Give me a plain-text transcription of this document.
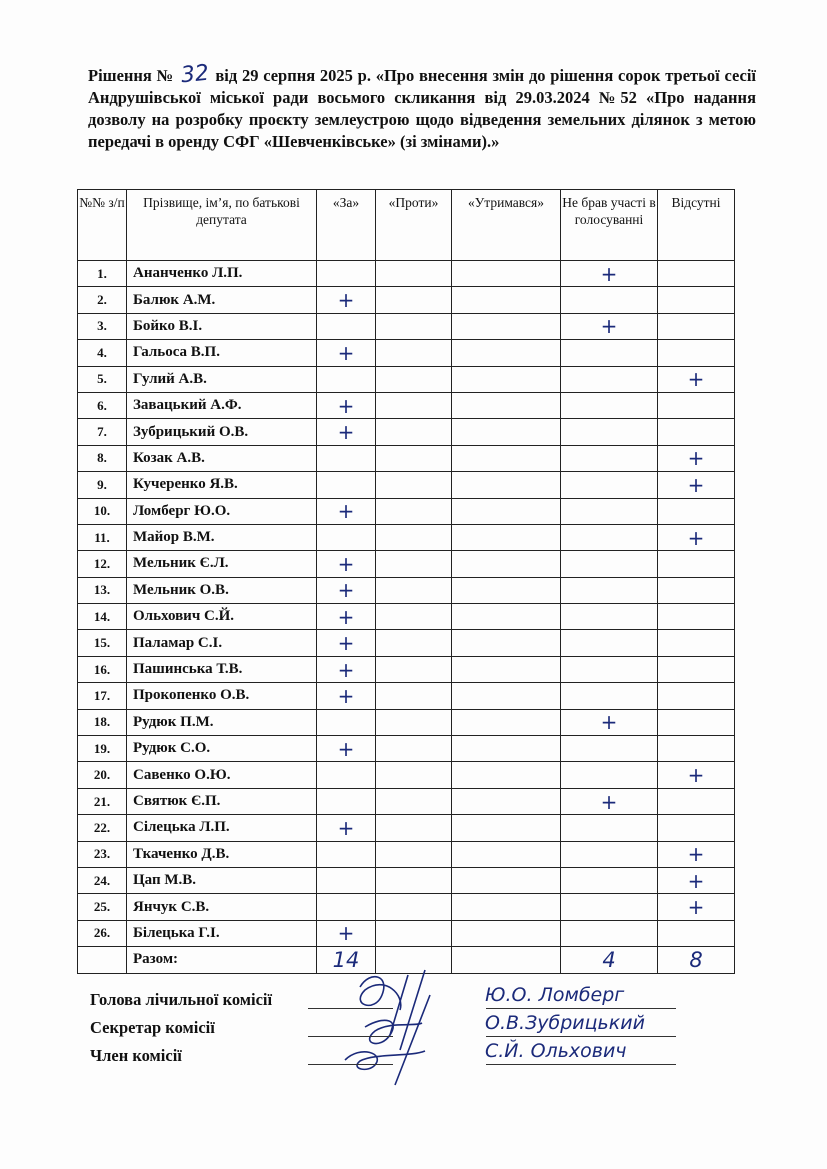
Рішення № 32 від 29 серпня 2025 р. «Про внесення змін до рішення сорок третьої сесії Андрушівської міської ради восьмого скликання від 29.03.2024 №52 «Про надання дозволу на розробку проєкту землеустрою щодо відведення земельних ділянок з метою передачі в оренду СФГ «Шевченківське» (зі змінами).»
№№ з/п	Прізвище, ім’я, по батькові депутата	«За»	«Проти»	«Утримався»	Не брав участі в голосуванні	Відсутні
1.	Ананченко Л.П.				+	
2.	Балюк А.М.	+				
3.	Бойко В.І.				+	
4.	Гальоса В.П.	+				
5.	Гулий А.В.					+
6.	Завацький А.Ф.	+				
7.	Зубрицький О.В.	+				
8.	Козак А.В.					+
9.	Кучеренко Я.В.					+
10.	Ломберг Ю.О.	+				
11.	Майор В.М.					+
12.	Мельник Є.Л.	+				
13.	Мельник О.В.	+				
14.	Ольхович С.Й.	+				
15.	Паламар С.І.	+				
16.	Пашинська Т.В.	+				
17.	Прокопенко О.В.	+				
18.	Рудюк П.М.				+	
19.	Рудюк С.О.	+				
20.	Савенко О.Ю.					+
21.	Святюк Є.П.				+	
22.	Сілецька Л.П.	+				
23.	Ткаченко Д.В.					+
24.	Цап М.В.					+
25.	Янчук С.В.					+
26.	Білецька Г.І.	+				
	Разом:	14			4	8
Голова лічильної комісії	Ю.О. Ломберг
Секретар комісії	О.В.Зубрицький
Член комісії	С.Й. Ольхович
